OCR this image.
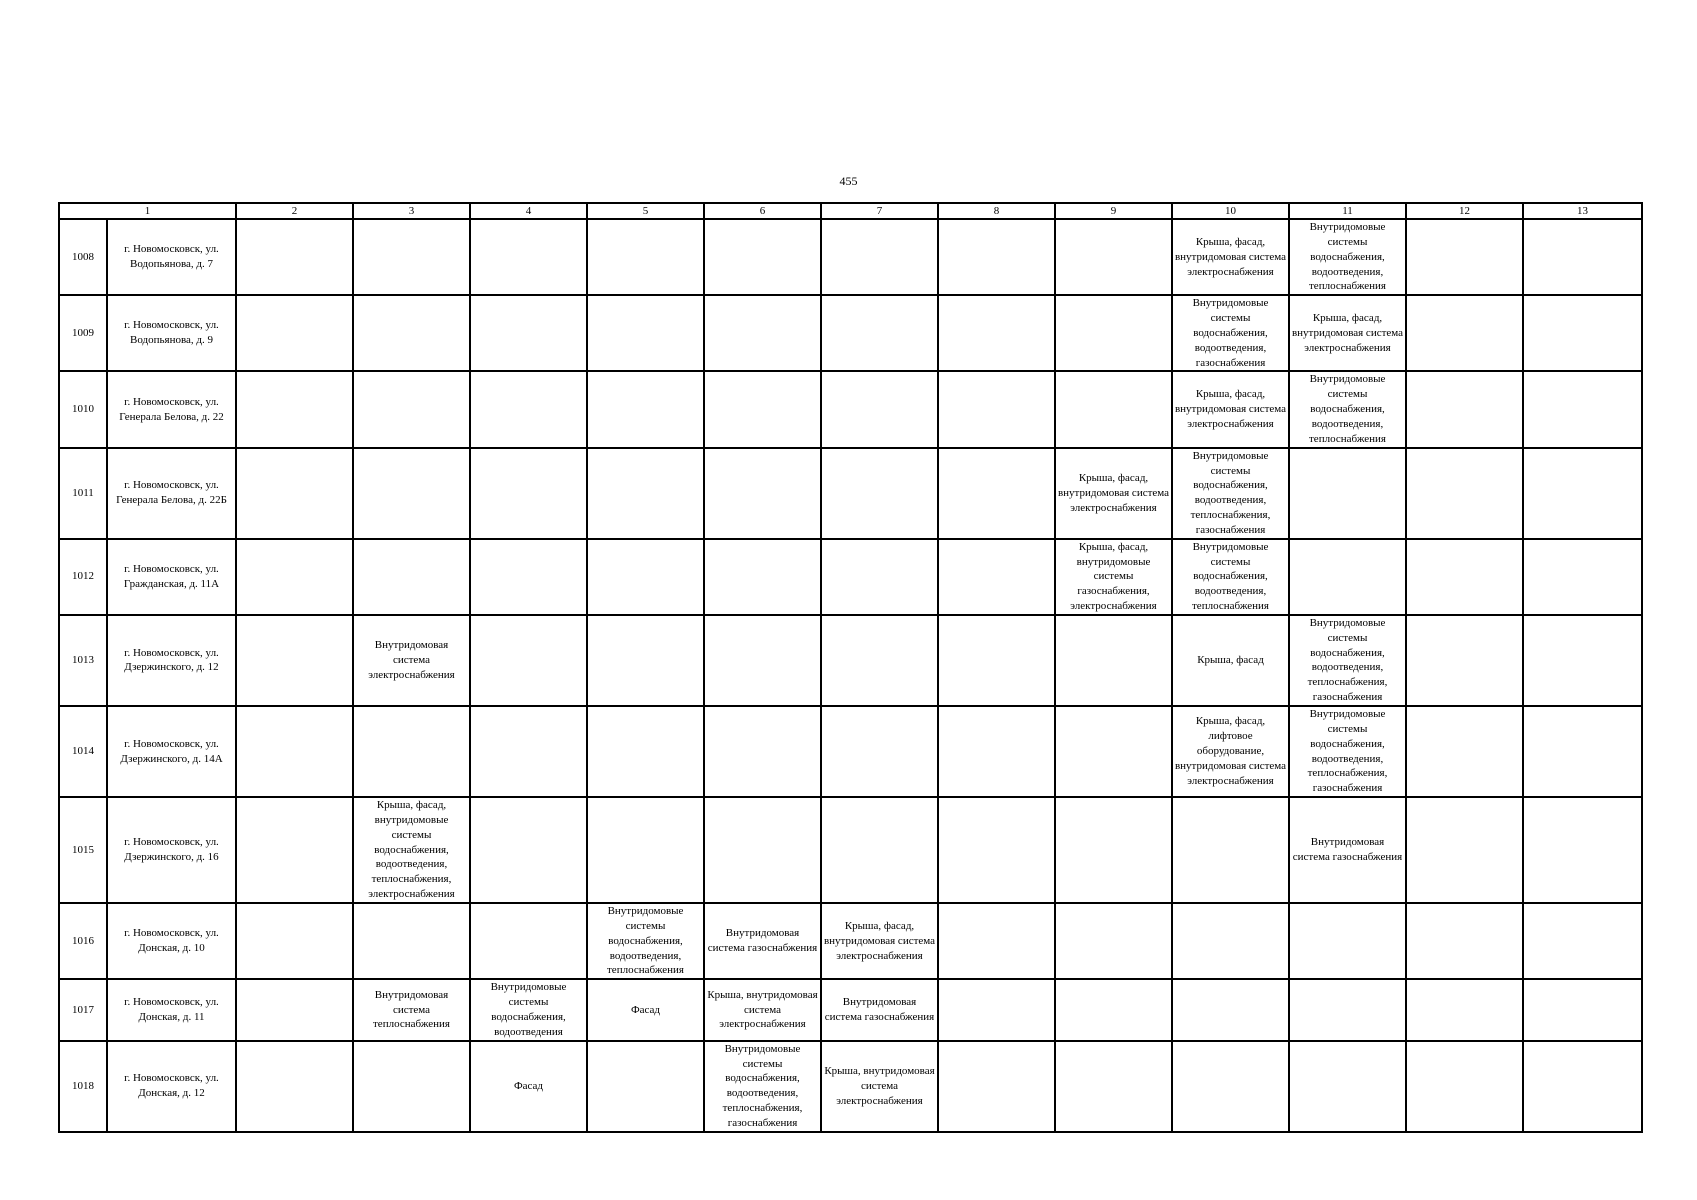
455
1		2	3	4	5	6	7	8	9	10	11	12	13
1008	г. Новомосковск, ул. Водопьянова, д. 7									Крыша, фасад, внутридомовая система электроснабжения	Внутридомовые системы водоснабжения, водоотведения, теплоснабжения		
1009	г. Новомосковск, ул. Водопьянова, д. 9									Внутридомовые системы водоснабжения, водоотведения, газоснабжения	Крыша, фасад, внутридомовая система электроснабжения		
1010	г. Новомосковск, ул. Генерала Белова, д. 22									Крыша, фасад, внутридомовая система электроснабжения	Внутридомовые системы водоснабжения, водоотведения, теплоснабжения		
1011	г. Новомосковск, ул. Генерала Белова, д. 22Б								Крыша, фасад, внутридомовая система электроснабжения	Внутридомовые системы водоснабжения, водоотведения, теплоснабжения, газоснабжения			
1012	г. Новомосковск, ул. Гражданская, д. 11А								Крыша, фасад, внутридомовые системы газоснабжения, электроснабжения	Внутридомовые системы водоснабжения, водоотведения, теплоснабжения			
1013	г. Новомосковск, ул. Дзержинского, д. 12		Внутридомовая система электроснабжения							Крыша, фасад	Внутридомовые системы водоснабжения, водоотведения, теплоснабжения, газоснабжения		
1014	г. Новомосковск, ул. Дзержинского, д. 14А									Крыша, фасад, лифтовое оборудование, внутридомовая система электроснабжения	Внутридомовые системы водоснабжения, водоотведения, теплоснабжения, газоснабжения		
1015	г. Новомосковск, ул. Дзержинского, д. 16		Крыша, фасад, внутридомовые системы водоснабжения, водоотведения, теплоснабжения, электроснабжения								Внутридомовая система газоснабжения		
1016	г. Новомосковск, ул. Донская, д. 10				Внутридомовые системы водоснабжения, водоотведения, теплоснабжения	Внутридомовая система газоснабжения	Крыша, фасад, внутридомовая система электроснабжения						
1017	г. Новомосковск, ул. Донская, д. 11		Внутридомовая система теплоснабжения	Внутридомовые системы водоснабжения, водоотведения	Фасад	Крыша, внутридомовая система электроснабжения	Внутридомовая система газоснабжения						
1018	г. Новомосковск, ул. Донская, д. 12			Фасад		Внутридомовые системы водоснабжения, водоотведения, теплоснабжения, газоснабжения	Крыша, внутридомовая система электроснабжения						
